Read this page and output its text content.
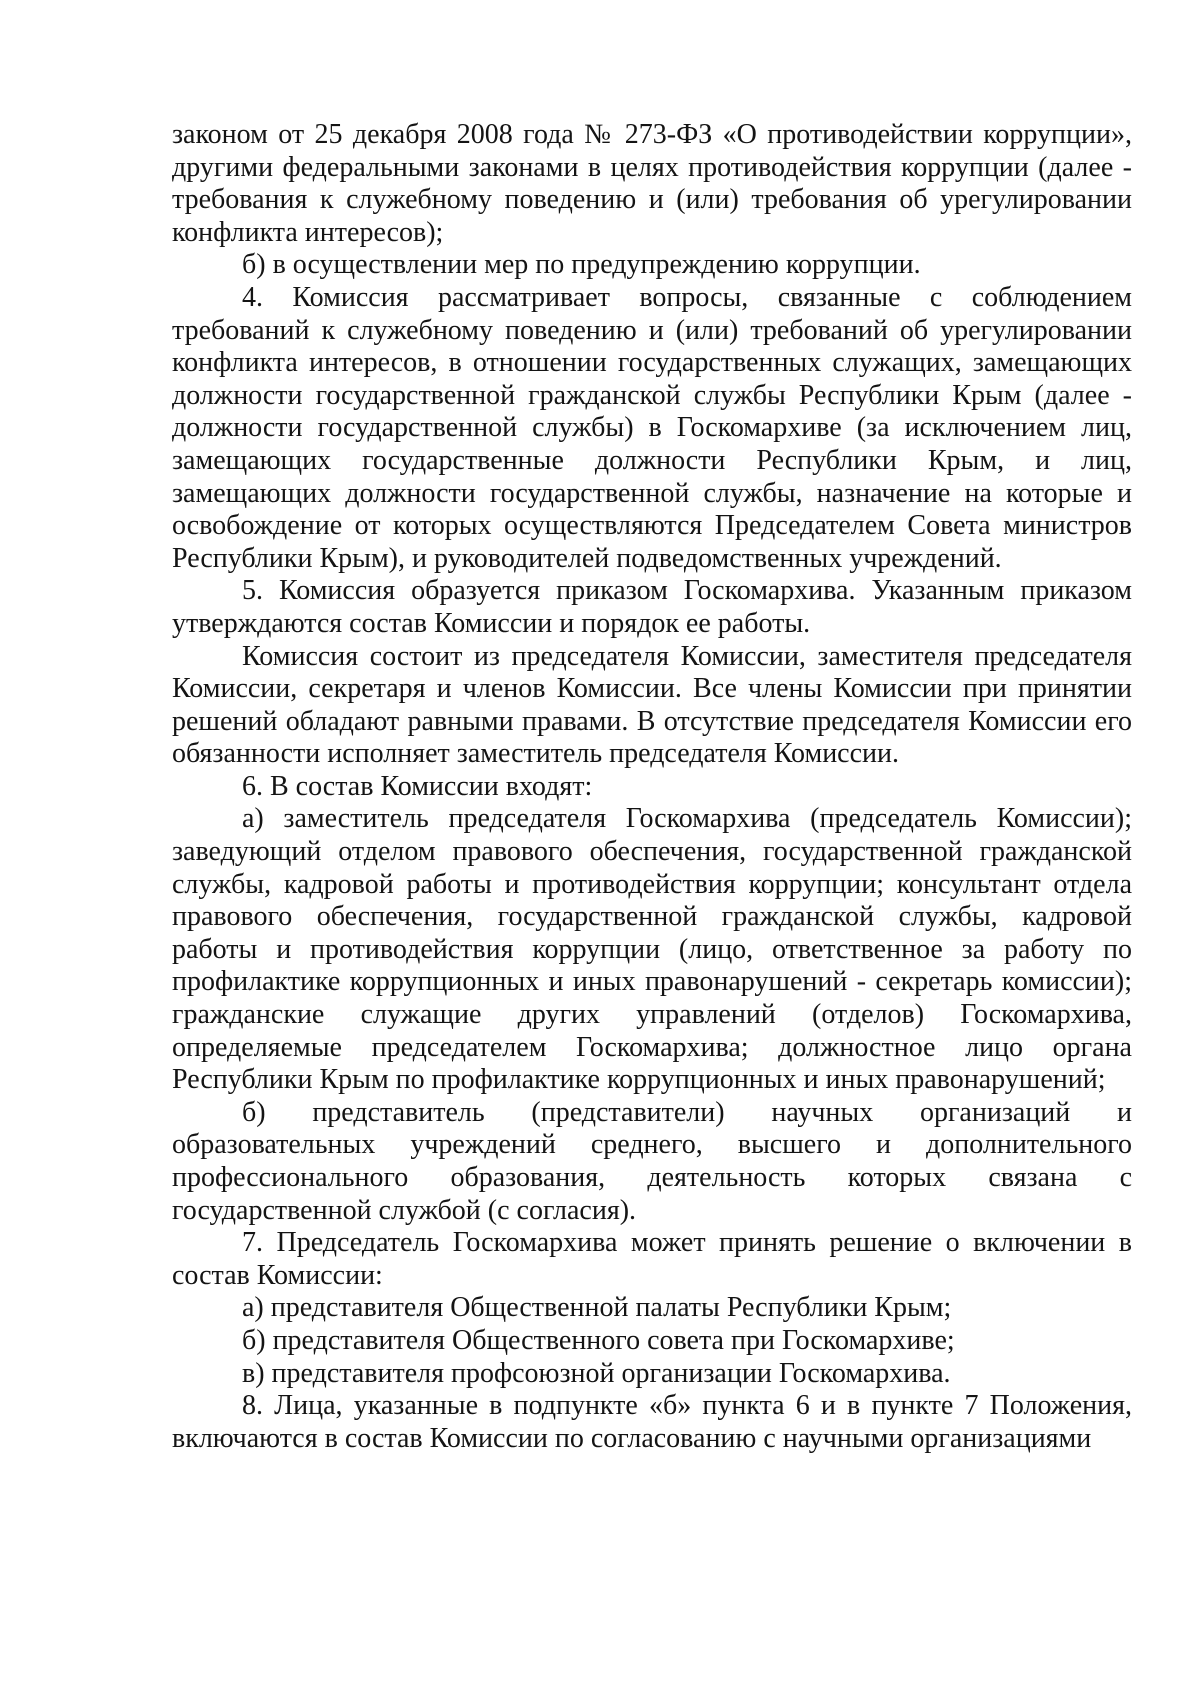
законом от 25 декабря 2008 года № 273-ФЗ «О противодействии коррупции», другими федеральными законами в целях противодействия коррупции (далее - требования к служебному поведению и (или) требования об урегулировании конфликта интересов);

б) в осуществлении мер по предупреждению коррупции.

4. Комиссия рассматривает вопросы, связанные с соблюдением требований к служебному поведению и (или) требований об урегулировании конфликта интересов, в отношении государственных служащих, замещающих должности государственной гражданской службы Республики Крым (далее - должности государственной службы) в Госкомархиве (за исключением лиц, замещающих государственные должности Республики Крым, и лиц, замещающих должности государственной службы, назначение на которые и освобождение от которых осуществляются Председателем Совета министров Республики Крым), и руководителей подведомственных учреждений.

5. Комиссия образуется приказом Госкомархива. Указанным приказом утверждаются состав Комиссии и порядок ее работы.

Комиссия состоит из председателя Комиссии, заместителя председателя Комиссии, секретаря и членов Комиссии. Все члены Комиссии при принятии решений обладают равными правами. В отсутствие председателя Комиссии его обязанности исполняет заместитель председателя Комиссии.

6. В состав Комиссии входят:

а) заместитель председателя Госкомархива (председатель Комиссии); заведующий отделом правового обеспечения, государственной гражданской службы, кадровой работы и противодействия коррупции; консультант отдела правового обеспечения, государственной гражданской службы, кадровой работы и противодействия коррупции (лицо, ответственное за работу по профилактике коррупционных и иных правонарушений - секретарь комиссии); гражданские служащие других управлений (отделов) Госкомархива, определяемые председателем Госкомархива; должностное лицо органа Республики Крым по профилактике коррупционных и иных правонарушений;

б) представитель (представители) научных организаций и образовательных учреждений среднего, высшего и дополнительного профессионального образования, деятельность которых связана с государственной службой (с согласия).

7. Председатель Госкомархива может принять решение о включении в состав Комиссии:

а) представителя Общественной палаты Республики Крым;

б) представителя Общественного совета при Госкомархиве;

в) представителя профсоюзной организации Госкомархива.

8. Лица, указанные в подпункте «б» пункта 6 и в пункте 7 Положения, включаются в состав Комиссии по согласованию с научными организациями
